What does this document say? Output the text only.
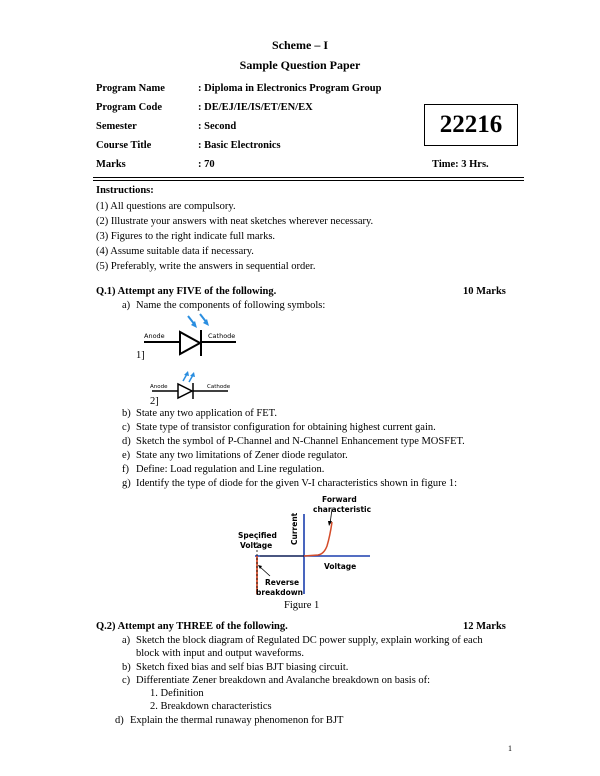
Scheme – I
Sample Question Paper
Program Name	: Diploma in Electronics Program Group
Program Code	: DE/EJ/IE/IS/ET/EN/EX
Semester	: Second
Course Title	: Basic Electronics
Marks	: 70
22216
Time: 3 Hrs.
Instructions:
(1) All questions are compulsory.
(2) Illustrate your answers with neat sketches wherever necessary.
(3) Figures to the right indicate full marks.
(4) Assume suitable data if necessary.
(5) Preferably, write the answers in sequential order.
Q.1) Attempt any FIVE of the following.	10 Marks
a) Name the components of following symbols:
Anode	Cathode
1]
Anode	Cathode
2]
b) State any two application of FET.
c) State type of transistor configuration for obtaining highest current gain.
d) Sketch the symbol of P-Channel and N-Channel Enhancement type MOSFET.
e) State any two limitations of Zener diode regulator.
f) Define: Load regulation and Line regulation.
g) Identify the type of diode for the given V-I characteristics shown in figure 1:
Forward
characteristic
Specified
Voltage
Current
Voltage
Reverse
breakdown
Figure 1
Q.2) Attempt any THREE of the following.	12 Marks
a) Sketch the block diagram of Regulated DC power supply, explain working of each
block with input and output waveforms.
b) Sketch fixed bias and self bias BJT biasing circuit.
c) Differentiate Zener breakdown and Avalanche breakdown on basis of:
1. Definition
2. Breakdown characteristics
d) Explain the thermal runaway phenomenon for BJT
1
